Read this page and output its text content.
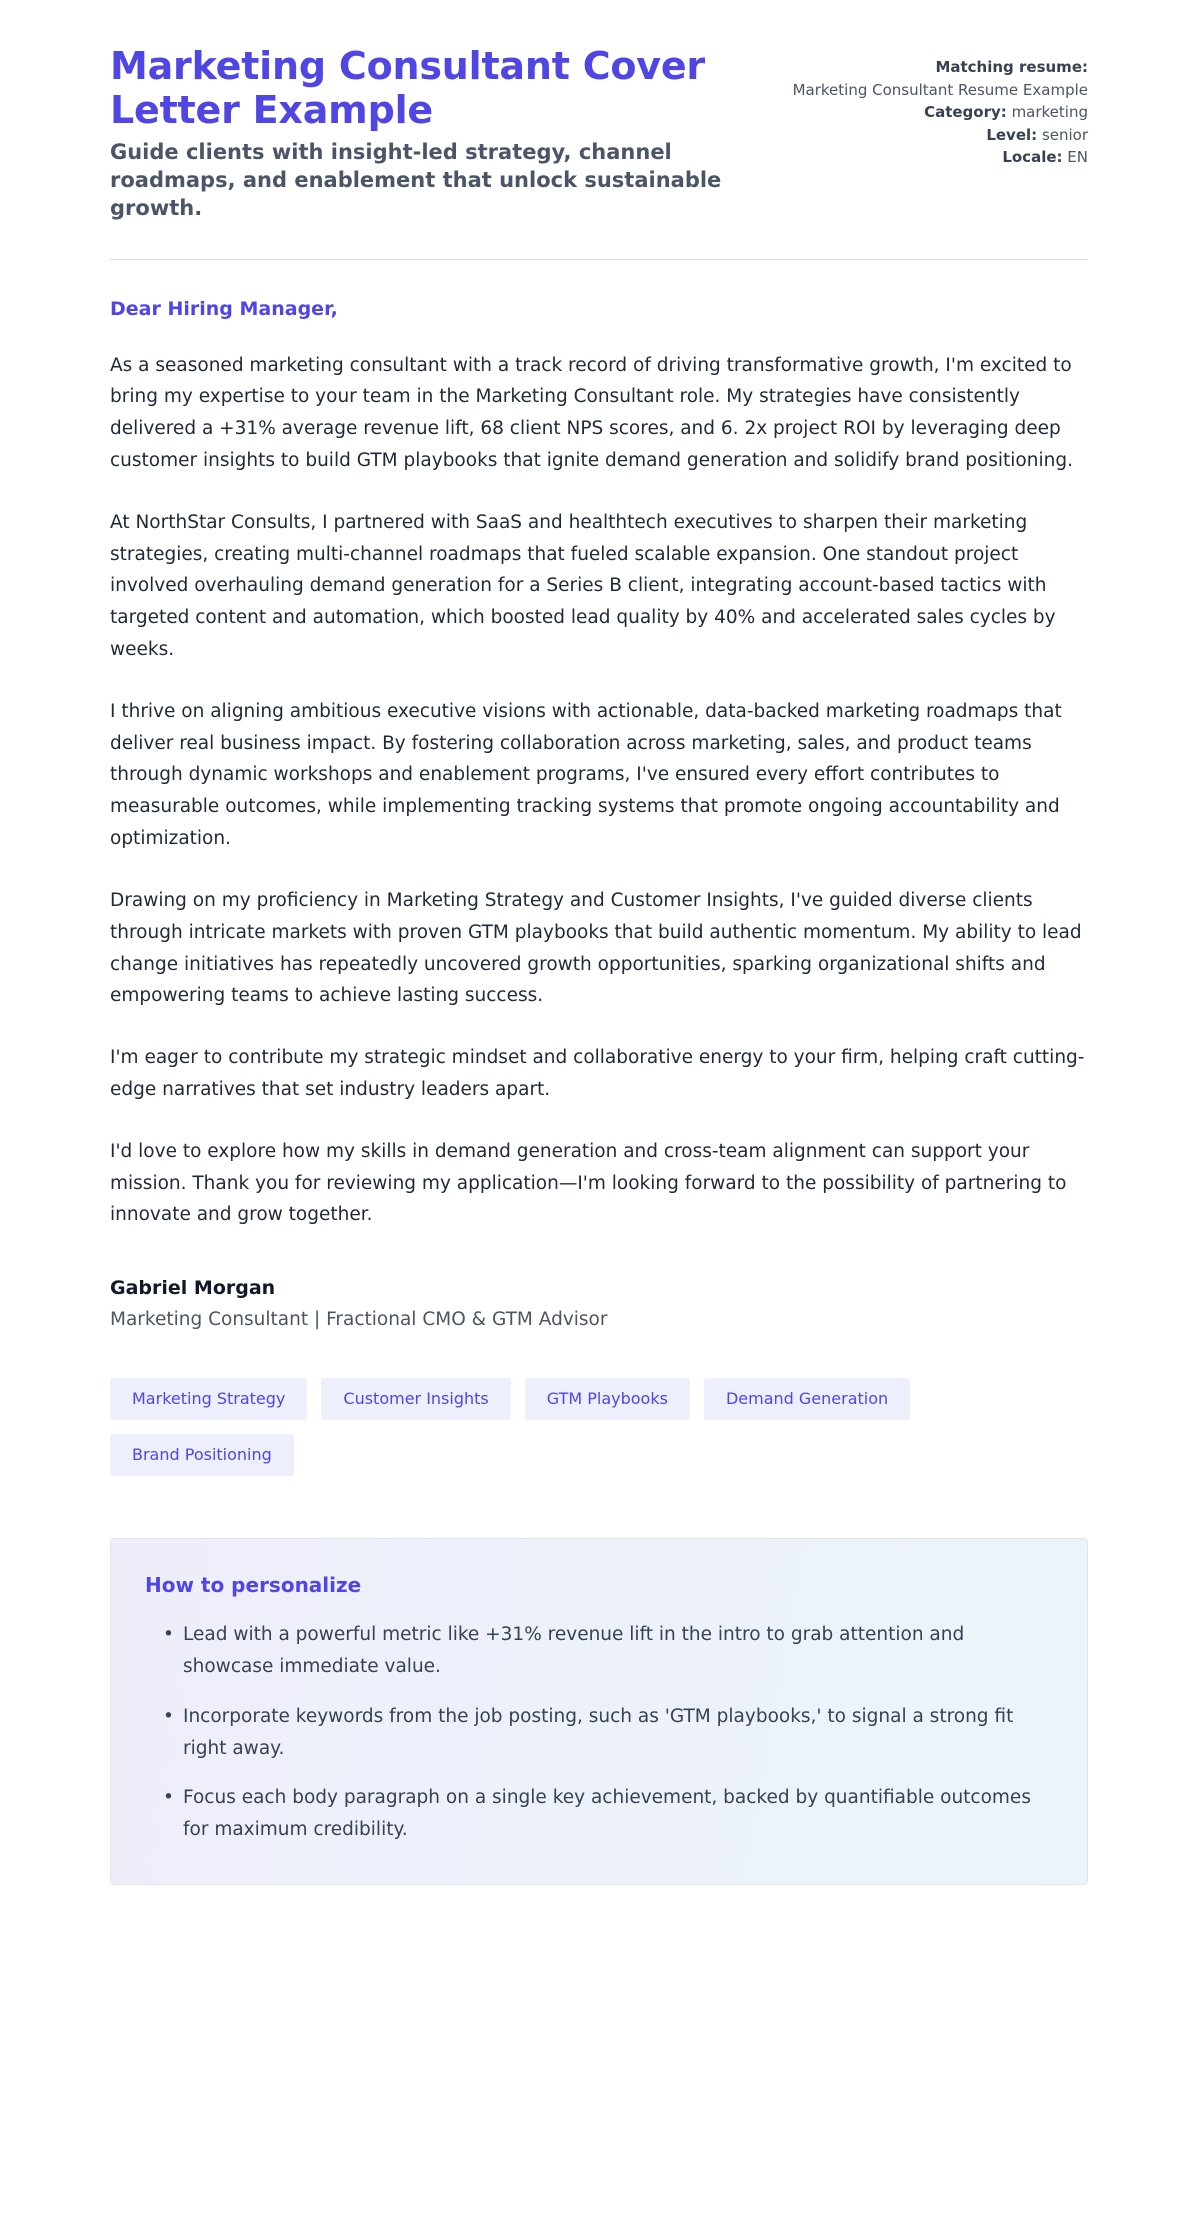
Marketing Consultant Cover Letter Example
Guide clients with insight-led strategy, channel roadmaps, and enablement that unlock sustainable growth.
Matching resume:
Marketing Consultant Resume Example
Category: marketing
Level: senior
Locale: EN

Dear Hiring Manager,

As a seasoned marketing consultant with a track record of driving transformative growth, I'm excited to bring my expertise to your team in the Marketing Consultant role. My strategies have consistently delivered a +31% average revenue lift, 68 client NPS scores, and 6. 2x project ROI by leveraging deep customer insights to build GTM playbooks that ignite demand generation and solidify brand positioning.

At NorthStar Consults, I partnered with SaaS and healthtech executives to sharpen their marketing strategies, creating multi-channel roadmaps that fueled scalable expansion. One standout project involved overhauling demand generation for a Series B client, integrating account-based tactics with targeted content and automation, which boosted lead quality by 40% and accelerated sales cycles by weeks.

I thrive on aligning ambitious executive visions with actionable, data-backed marketing roadmaps that deliver real business impact. By fostering collaboration across marketing, sales, and product teams through dynamic workshops and enablement programs, I've ensured every effort contributes to measurable outcomes, while implementing tracking systems that promote ongoing accountability and optimization.

Drawing on my proficiency in Marketing Strategy and Customer Insights, I've guided diverse clients through intricate markets with proven GTM playbooks that build authentic momentum. My ability to lead change initiatives has repeatedly uncovered growth opportunities, sparking organizational shifts and empowering teams to achieve lasting success.

I'm eager to contribute my strategic mindset and collaborative energy to your firm, helping craft cutting-edge narratives that set industry leaders apart.

I'd love to explore how my skills in demand generation and cross-team alignment can support your mission. Thank you for reviewing my application—I'm looking forward to the possibility of partnering to innovate and grow together.

Gabriel Morgan
Marketing Consultant | Fractional CMO & GTM Advisor
Marketing Strategy	Customer Insights	GTM Playbooks	Demand Generation
Brand Positioning
How to personalize
• Lead with a powerful metric like +31% revenue lift in the intro to grab attention and showcase immediate value.
• Incorporate keywords from the job posting, such as 'GTM playbooks,' to signal a strong fit right away.
• Focus each body paragraph on a single key achievement, backed by quantifiable outcomes for maximum credibility.
